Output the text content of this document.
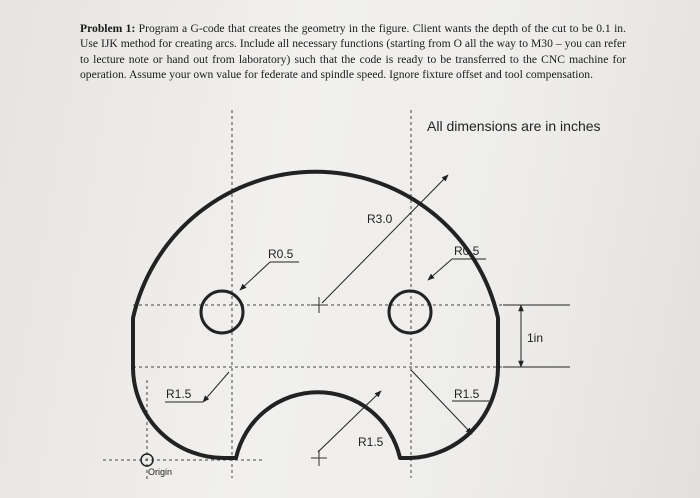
Problem 1: Program a G-code that creates the geometry in the figure. Client wants the depth of the cut to be 0.1 in. Use IJK method for creating arcs. Include all necessary functions (starting from O all the way to M30 – you can refer to lecture note or hand out from laboratory) such that the code is ready to be transferred to the CNC machine for operation. Assume your own value for federate and spindle speed. Ignore fixture offset and tool compensation.
All dimensions are in inches
R3.0
R0.5	R0.5
R1.5	R1.5
R1.5
1in
Origin
